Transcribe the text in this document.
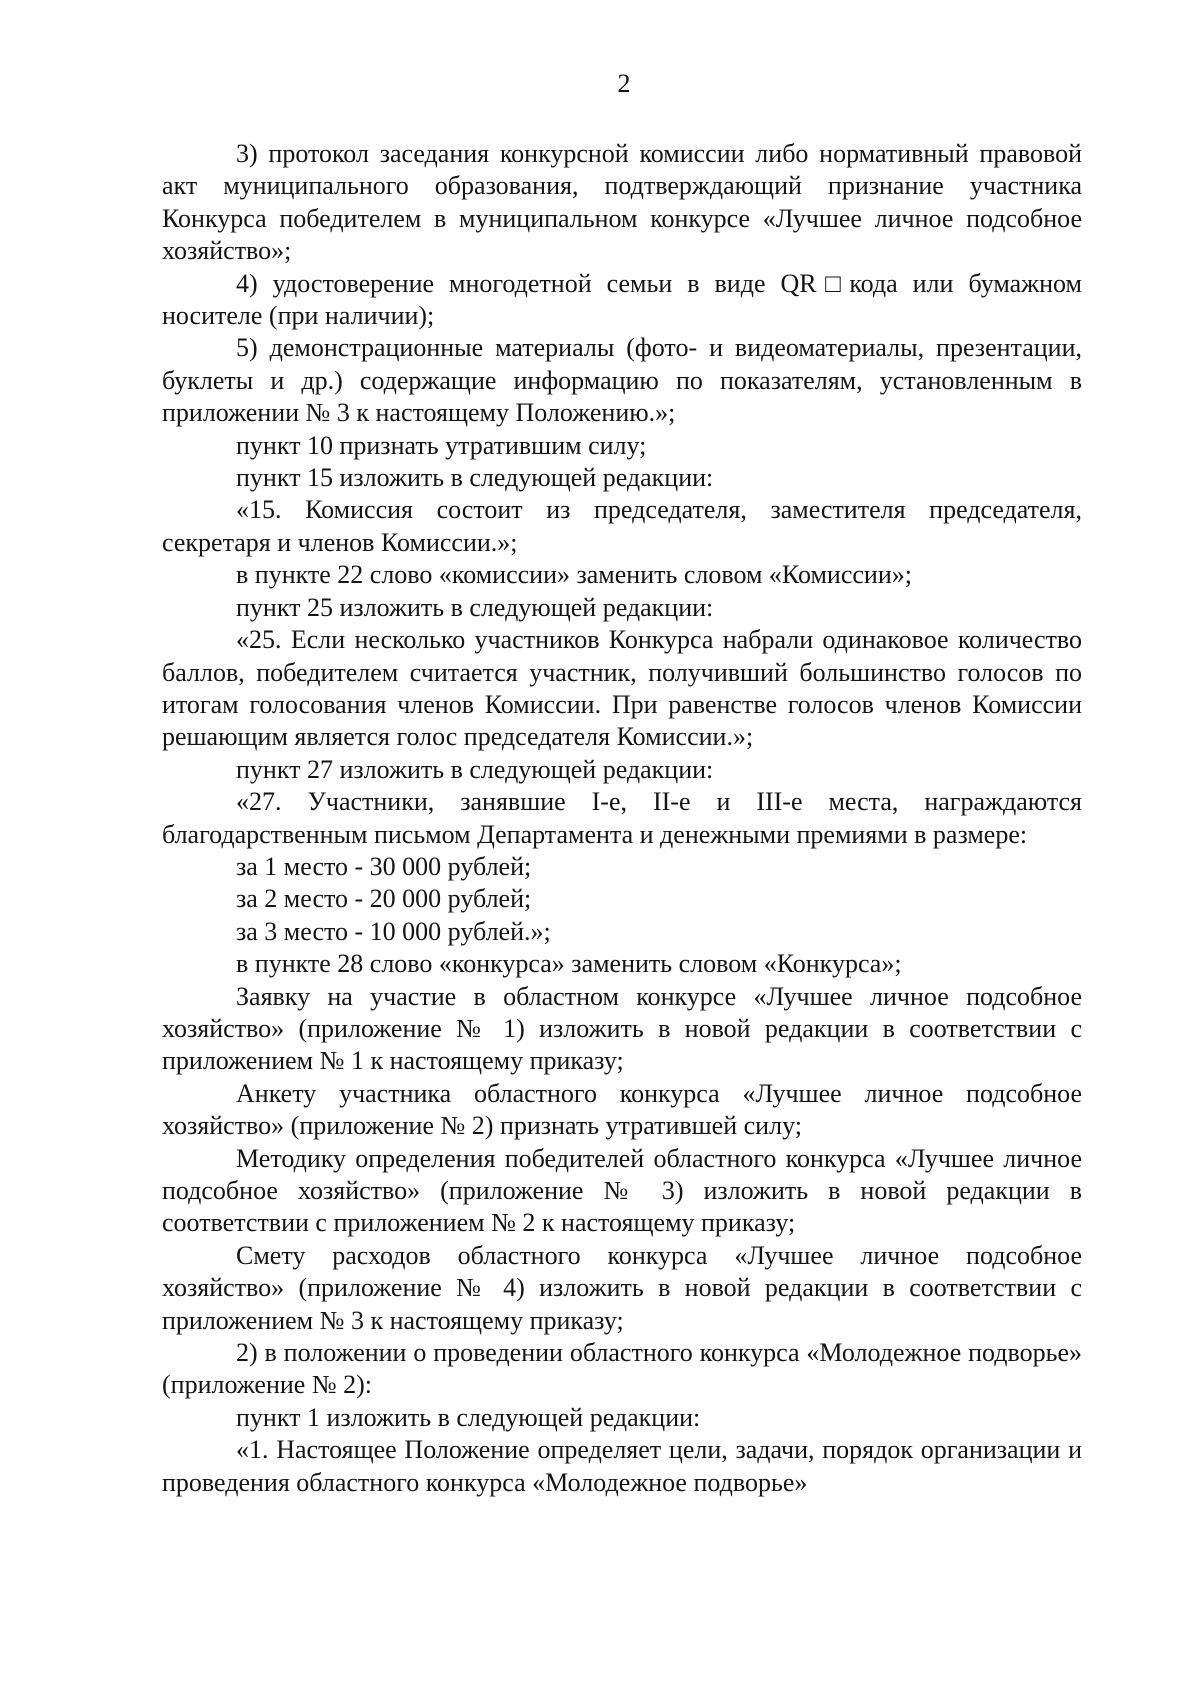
2

3) протокол заседания конкурсной комиссии либо нормативный правовой акт муниципального образования, подтверждающий признание участника Конкурса победителем в муниципальном конкурсе «Лучшее личное подсобное хозяйство»;

4) удостоверение многодетной семьи в виде QR□кода или бумажном носителе (при наличии);

5) демонстрационные материалы (фото- и видеоматериалы, презентации, буклеты и др.) содержащие информацию по показателям, установленным в приложении № 3 к настоящему Положению.»;

пункт 10 признать утратившим силу;

пункт 15 изложить в следующей редакции:

«15. Комиссия состоит из председателя, заместителя председателя, секретаря и членов Комиссии.»;

в пункте 22 слово «комиссии» заменить словом «Комиссии»;

пункт 25 изложить в следующей редакции:

«25. Если несколько участников Конкурса набрали одинаковое количество баллов, победителем считается участник, получивший большинство голосов по итогам голосования членов Комиссии. При равенстве голосов членов Комиссии решающим является голос председателя Комиссии.»;

пункт 27 изложить в следующей редакции:

«27. Участники, занявшие I-е, II-е и III-е места, награждаются благодарственным письмом Департамента и денежными премиями в размере:

за 1 место - 30 000 рублей;

за 2 место - 20 000 рублей;

за 3 место - 10 000 рублей.»;

в пункте 28 слово «конкурса» заменить словом «Конкурса»;

Заявку на участие в областном конкурсе «Лучшее личное подсобное хозяйство» (приложение № 1) изложить в новой редакции в соответствии с приложением № 1 к настоящему приказу;

Анкету участника областного конкурса «Лучшее личное подсобное хозяйство» (приложение № 2) признать утратившей силу;

Методику определения победителей областного конкурса «Лучшее личное подсобное хозяйство» (приложение № 3) изложить в новой редакции в соответствии с приложением № 2 к настоящему приказу;

Смету расходов областного конкурса «Лучшее личное подсобное хозяйство» (приложение № 4) изложить в новой редакции в соответствии с приложением № 3 к настоящему приказу;

2) в положении о проведении областного конкурса «Молодежное подворье» (приложение № 2):

пункт 1 изложить в следующей редакции:

«1. Настоящее Положение определяет цели, задачи, порядок организации и проведения областного конкурса «Молодежное подворье»
